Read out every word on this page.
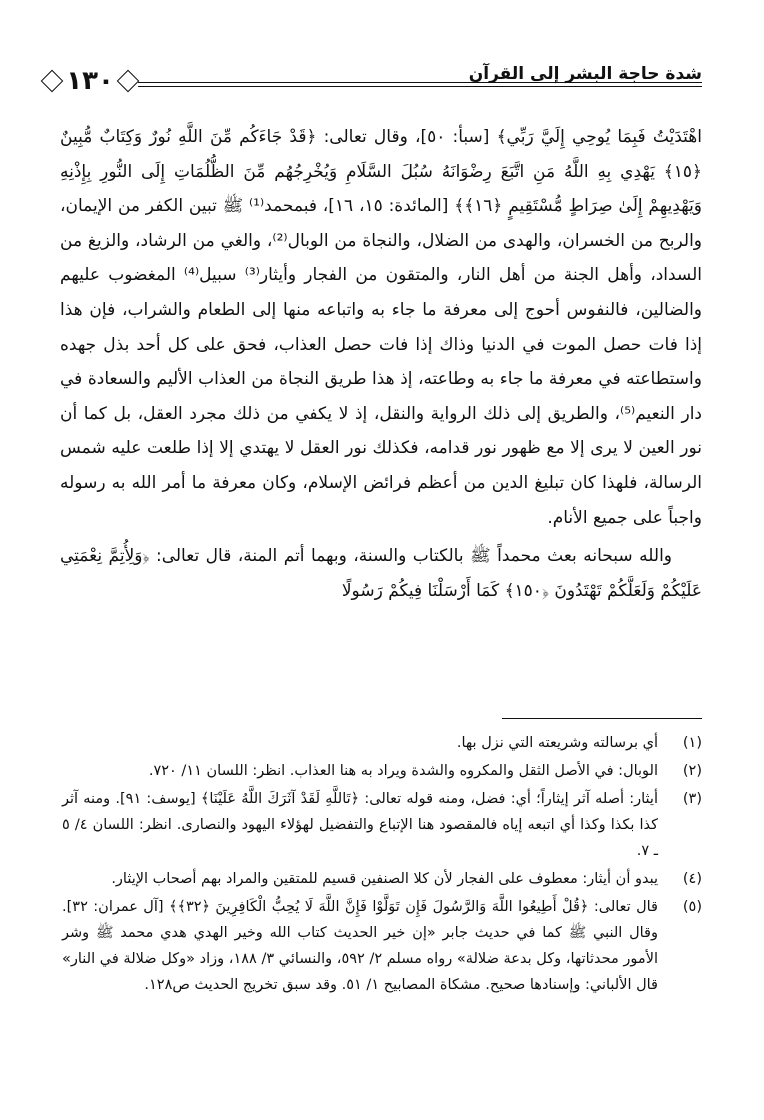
شدة حاجة البشر إلى القرآن
١٣٠

اهْتَدَيْتُ فَبِمَا يُوحِي إِلَيَّ رَبِّي﴾ [سبأ: ٥٠]، وقال تعالى: ﴿قَدْ جَاءَكُم مِّنَ اللَّهِ نُورٌ وَكِتَابٌ مُّبِينٌ ﴿١٥﴾ يَهْدِي بِهِ اللَّهُ مَنِ اتَّبَعَ رِضْوَانَهُ سُبُلَ السَّلَامِ وَيُخْرِجُهُم مِّنَ الظُّلُمَاتِ إِلَى النُّورِ بِإِذْنِهِ وَيَهْدِيهِمْ إِلَىٰ صِرَاطٍ مُّسْتَقِيمٍ ﴿١٦﴾﴾ [المائدة: ١٥، ١٦]، فبمحمد⁽¹⁾ ﷺ تبين الكفر من الإيمان، والربح من الخسران، والهدى من الضلال، والنجاة من الوبال⁽²⁾، والغي من الرشاد، والزيغ من السداد، وأهل الجنة من أهل النار، والمتقون من الفجار وأيثار⁽³⁾ سبيل⁽⁴⁾ المغضوب عليهم والضالين، فالنفوس أحوج إلى معرفة ما جاء به واتباعه منها إلى الطعام والشراب، فإن هذا إذا فات حصل الموت في الدنيا وذاك إذا فات حصل العذاب، فحق على كل أحد بذل جهده واستطاعته في معرفة ما جاء به وطاعته، إذ هذا طريق النجاة من العذاب الأليم والسعادة في دار النعيم⁽⁵⁾، والطريق إلى ذلك الرواية والنقل، إذ لا يكفي من ذلك مجرد العقل، بل كما أن نور العين لا يرى إلا مع ظهور نور قدامه، فكذلك نور العقل لا يهتدي إلا إذا طلعت عليه شمس الرسالة، فلهذا كان تبليغ الدين من أعظم فرائض الإسلام، وكان معرفة ما أمر الله به رسوله واجباً على جميع الأنام.

والله سبحانه بعث محمداً ﷺ بالكتاب والسنة، وبهما أتم المنة، قال تعالى: ﴿وَلِأُتِمَّ نِعْمَتِي عَلَيْكُمْ وَلَعَلَّكُمْ تَهْتَدُونَ ﴿١٥٠﴾ كَمَا أَرْسَلْنَا فِيكُمْ رَسُولًا

(١)
أي برسالته وشريعته التي نزل بها.
(٢)
الوبال: في الأصل الثقل والمكروه والشدة ويراد به هنا العذاب. انظر: اللسان ١١/ ٧٢٠.
(٣)
أيثار: أصله آثر إيثاراً؛ أي: فضل، ومنه قوله تعالى: ﴿تَاللَّهِ لَقَدْ آثَرَكَ اللَّهُ عَلَيْنَا﴾ [يوسف: ٩١]. ومنه آثر كذا بكذا وكذا أي اتبعه إياه فالمقصود هنا الإتباع والتفضيل لهؤلاء اليهود والنصارى. انظر: اللسان ٤/ ٥ ـ ٧.
(٤)
يبدو أن أيثار: معطوف على الفجار لأن كلا الصنفين قسيم للمتقين والمراد بهم أصحاب الإيثار.
(٥)
قال تعالى: ﴿قُلْ أَطِيعُوا اللَّهَ وَالرَّسُولَ فَإِن تَوَلَّوْا فَإِنَّ اللَّهَ لَا يُحِبُّ الْكَافِرِينَ ﴿٣٢﴾﴾ [آل عمران: ٣٢]. وقال النبي ﷺ كما في حديث جابر «إن خير الحديث كتاب الله وخير الهدي هدي محمد ﷺ وشر الأمور محدثاتها، وكل بدعة ضلالة» رواه مسلم ٢/ ٥٩٢، والنسائي ٣/ ١٨٨، وزاد «وكل ضلالة في النار» قال الألباني: وإسنادها صحيح. مشكاة المصابيح ١/ ٥١. وقد سبق تخريج الحديث ص١٢٨.
